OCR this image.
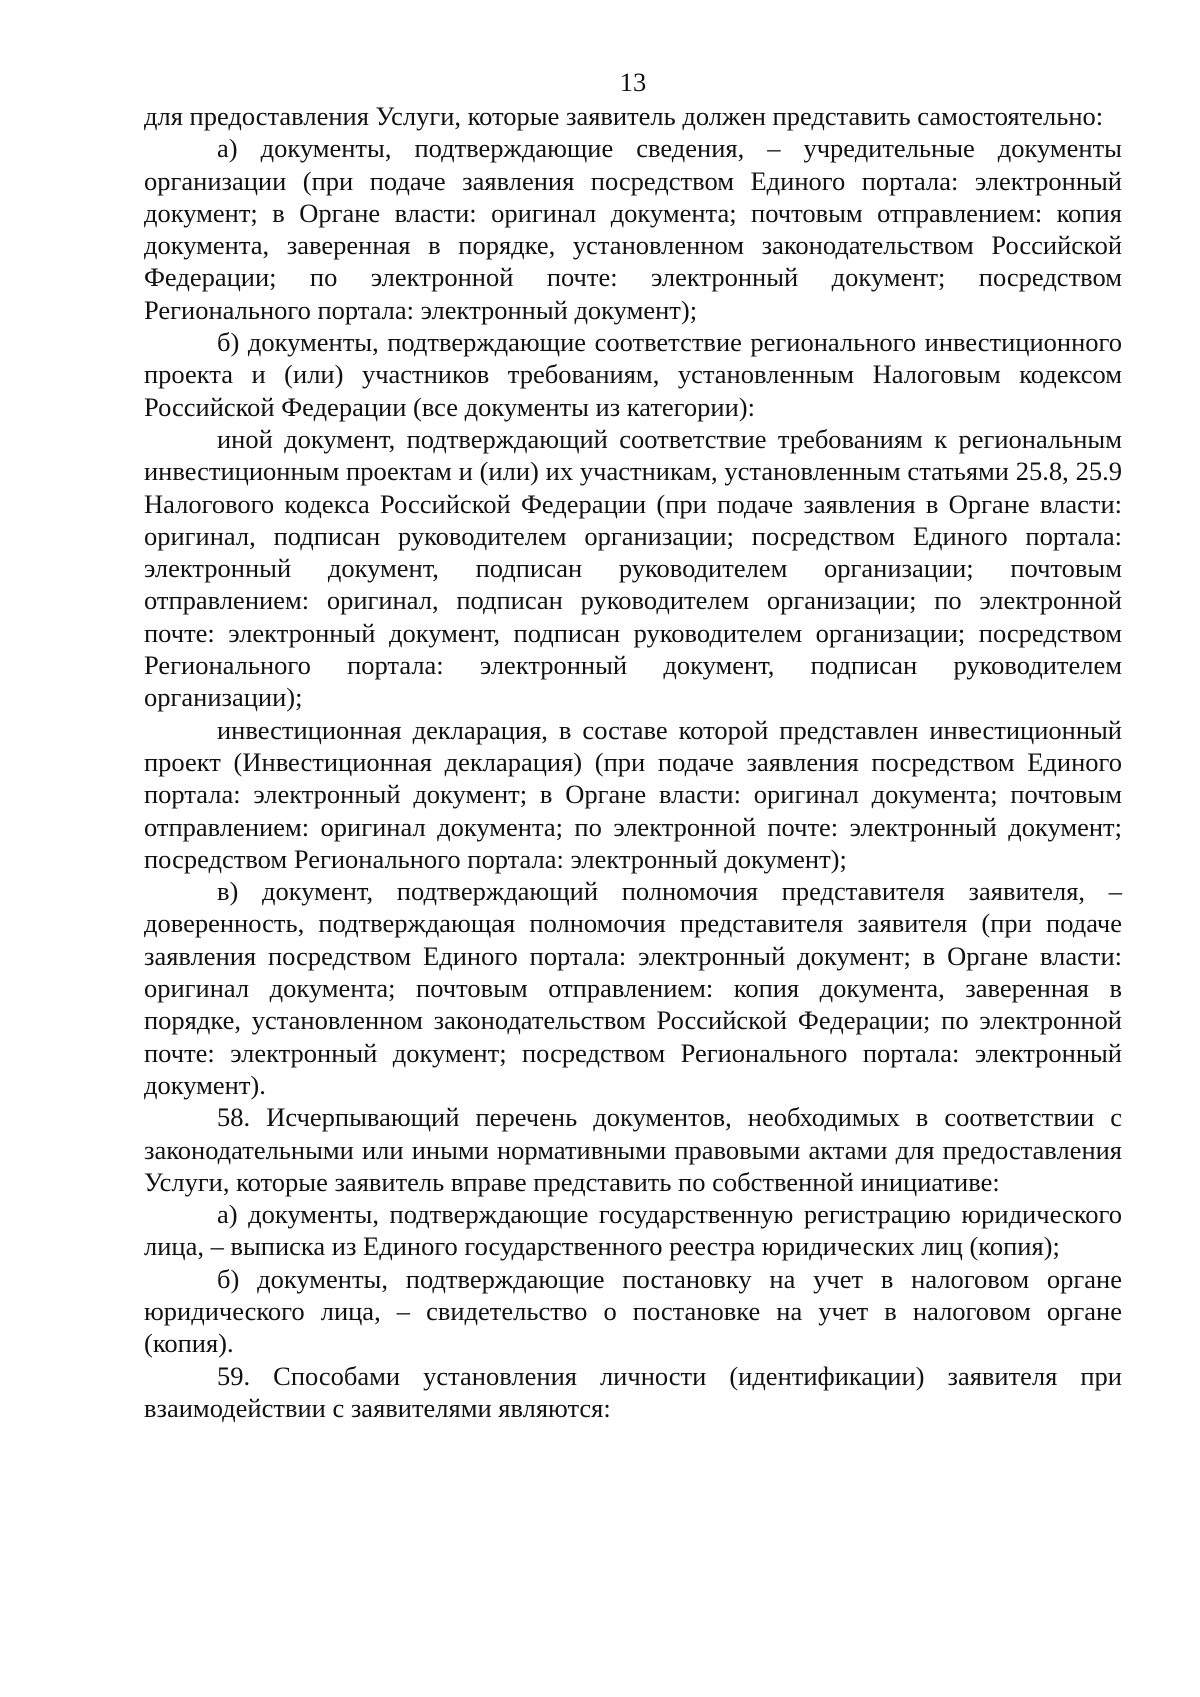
13

для предоставления Услуги, которые заявитель должен представить самостоятельно:

а) документы, подтверждающие сведения, – учредительные документы организации (при подаче заявления посредством Единого портала: электронный документ; в Органе власти: оригинал документа; почтовым отправлением: копия документа, заверенная в порядке, установленном законодательством Российской Федерации; по электронной почте: электронный документ; посредством Регионального портала: электронный документ);

б) документы, подтверждающие соответствие регионального инвестиционного проекта и (или) участников требованиям, установленным Налоговым кодексом Российской Федерации (все документы из категории):

иной документ, подтверждающий соответствие требованиям к региональным инвестиционным проектам и (или) их участникам, установленным статьями 25.8, 25.9 Налогового кодекса Российской Федерации (при подаче заявления в Органе власти: оригинал, подписан руководителем организации; посредством Единого портала: электронный документ, подписан руководителем организации; почтовым отправлением: оригинал, подписан руководителем организации; по электронной почте: электронный документ, подписан руководителем организации; посредством Регионального портала: электронный документ, подписан руководителем организации);

инвестиционная декларация, в составе которой представлен инвестиционный проект (Инвестиционная декларация) (при подаче заявления посредством Единого портала: электронный документ; в Органе власти: оригинал документа; почтовым отправлением: оригинал документа; по электронной почте: электронный документ; посредством Регионального портала: электронный документ);

в) документ, подтверждающий полномочия представителя заявителя, – доверенность, подтверждающая полномочия представителя заявителя (при подаче заявления посредством Единого портала: электронный документ; в Органе власти: оригинал документа; почтовым отправлением: копия документа, заверенная в порядке, установленном законодательством Российской Федерации; по электронной почте: электронный документ; посредством Регионального портала: электронный документ).

58. Исчерпывающий перечень документов, необходимых в соответствии с законодательными или иными нормативными правовыми актами для предоставления Услуги, которые заявитель вправе представить по собственной инициативе:

а) документы, подтверждающие государственную регистрацию юридического лица, – выписка из Единого государственного реестра юридических лиц (копия);

б) документы, подтверждающие постановку на учет в налоговом органе юридического лица, – свидетельство о постановке на учет в налоговом органе (копия).

59. Способами установления личности (идентификации) заявителя при взаимодействии с заявителями являются:
